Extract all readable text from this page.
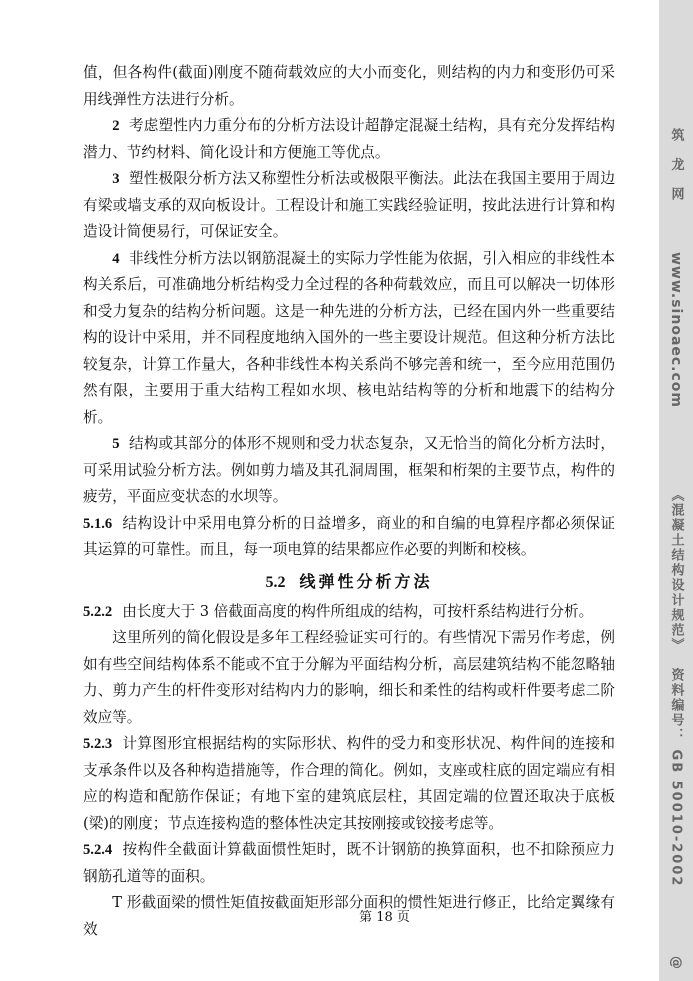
值，但各构件(截面)刚度不随荷载效应的大小而变化，则结构的内力和变形仍可采用线弹性方法进行分析。

2 考虑塑性内力重分布的分析方法设计超静定混凝土结构，具有充分发挥结构潜力、节约材料、简化设计和方便施工等优点。

3 塑性极限分析方法又称塑性分析法或极限平衡法。此法在我国主要用于周边有梁或墙支承的双向板设计。工程设计和施工实践经验证明，按此法进行计算和构造设计简便易行，可保证安全。

4 非线性分析方法以钢筋混凝土的实际力学性能为依据，引入相应的非线性本构关系后，可准确地分析结构受力全过程的各种荷载效应，而且可以解决一切体形和受力复杂的结构分析问题。这是一种先进的分析方法，已经在国内外一些重要结构的设计中采用，并不同程度地纳入国外的一些主要设计规范。但这种分析方法比较复杂，计算工作量大，各种非线性本构关系尚不够完善和统一，至今应用范围仍然有限，主要用于重大结构工程如水坝、核电站结构等的分析和地震下的结构分析。

5 结构或其部分的体形不规则和受力状态复杂，又无恰当的简化分析方法时，可采用试验分析方法。例如剪力墙及其孔洞周围，框架和桁架的主要节点，构件的疲劳，平面应变状态的水坝等。

5.1.6 结构设计中采用电算分析的日益增多，商业的和自编的电算程序都必须保证其运算的可靠性。而且，每一项电算的结果都应作必要的判断和校核。

5.2 线弹性分析方法

5.2.2 由长度大于 3 倍截面高度的构件所组成的结构，可按杆系结构进行分析。

这里所列的简化假设是多年工程经验证实可行的。有些情况下需另作考虑，例如有些空间结构体系不能或不宜于分解为平面结构分析，高层建筑结构不能忽略轴力、剪力产生的杆件变形对结构内力的影响，细长和柔性的结构或杆件要考虑二阶效应等。

5.2.3 计算图形宜根据结构的实际形状、构件的受力和变形状况、构件间的连接和支承条件以及各种构造措施等，作合理的简化。例如，支座或柱底的固定端应有相应的构造和配筋作保证；有地下室的建筑底层柱，其固定端的位置还取决于底板(梁)的刚度；节点连接构造的整体性决定其按刚接或铰接考虑等。

5.2.4 按构件全截面计算截面惯性矩时，既不计钢筋的换算面积，也不扣除预应力钢筋孔道等的面积。

T 形截面梁的惯性矩值按截面矩形部分面积的惯性矩进行修正，比给定翼缘有效

第 18 页
筑 龙 网
www.sinoaec.com
《混凝土结构设计规范》
资料编号： GB 50010-2002
@
